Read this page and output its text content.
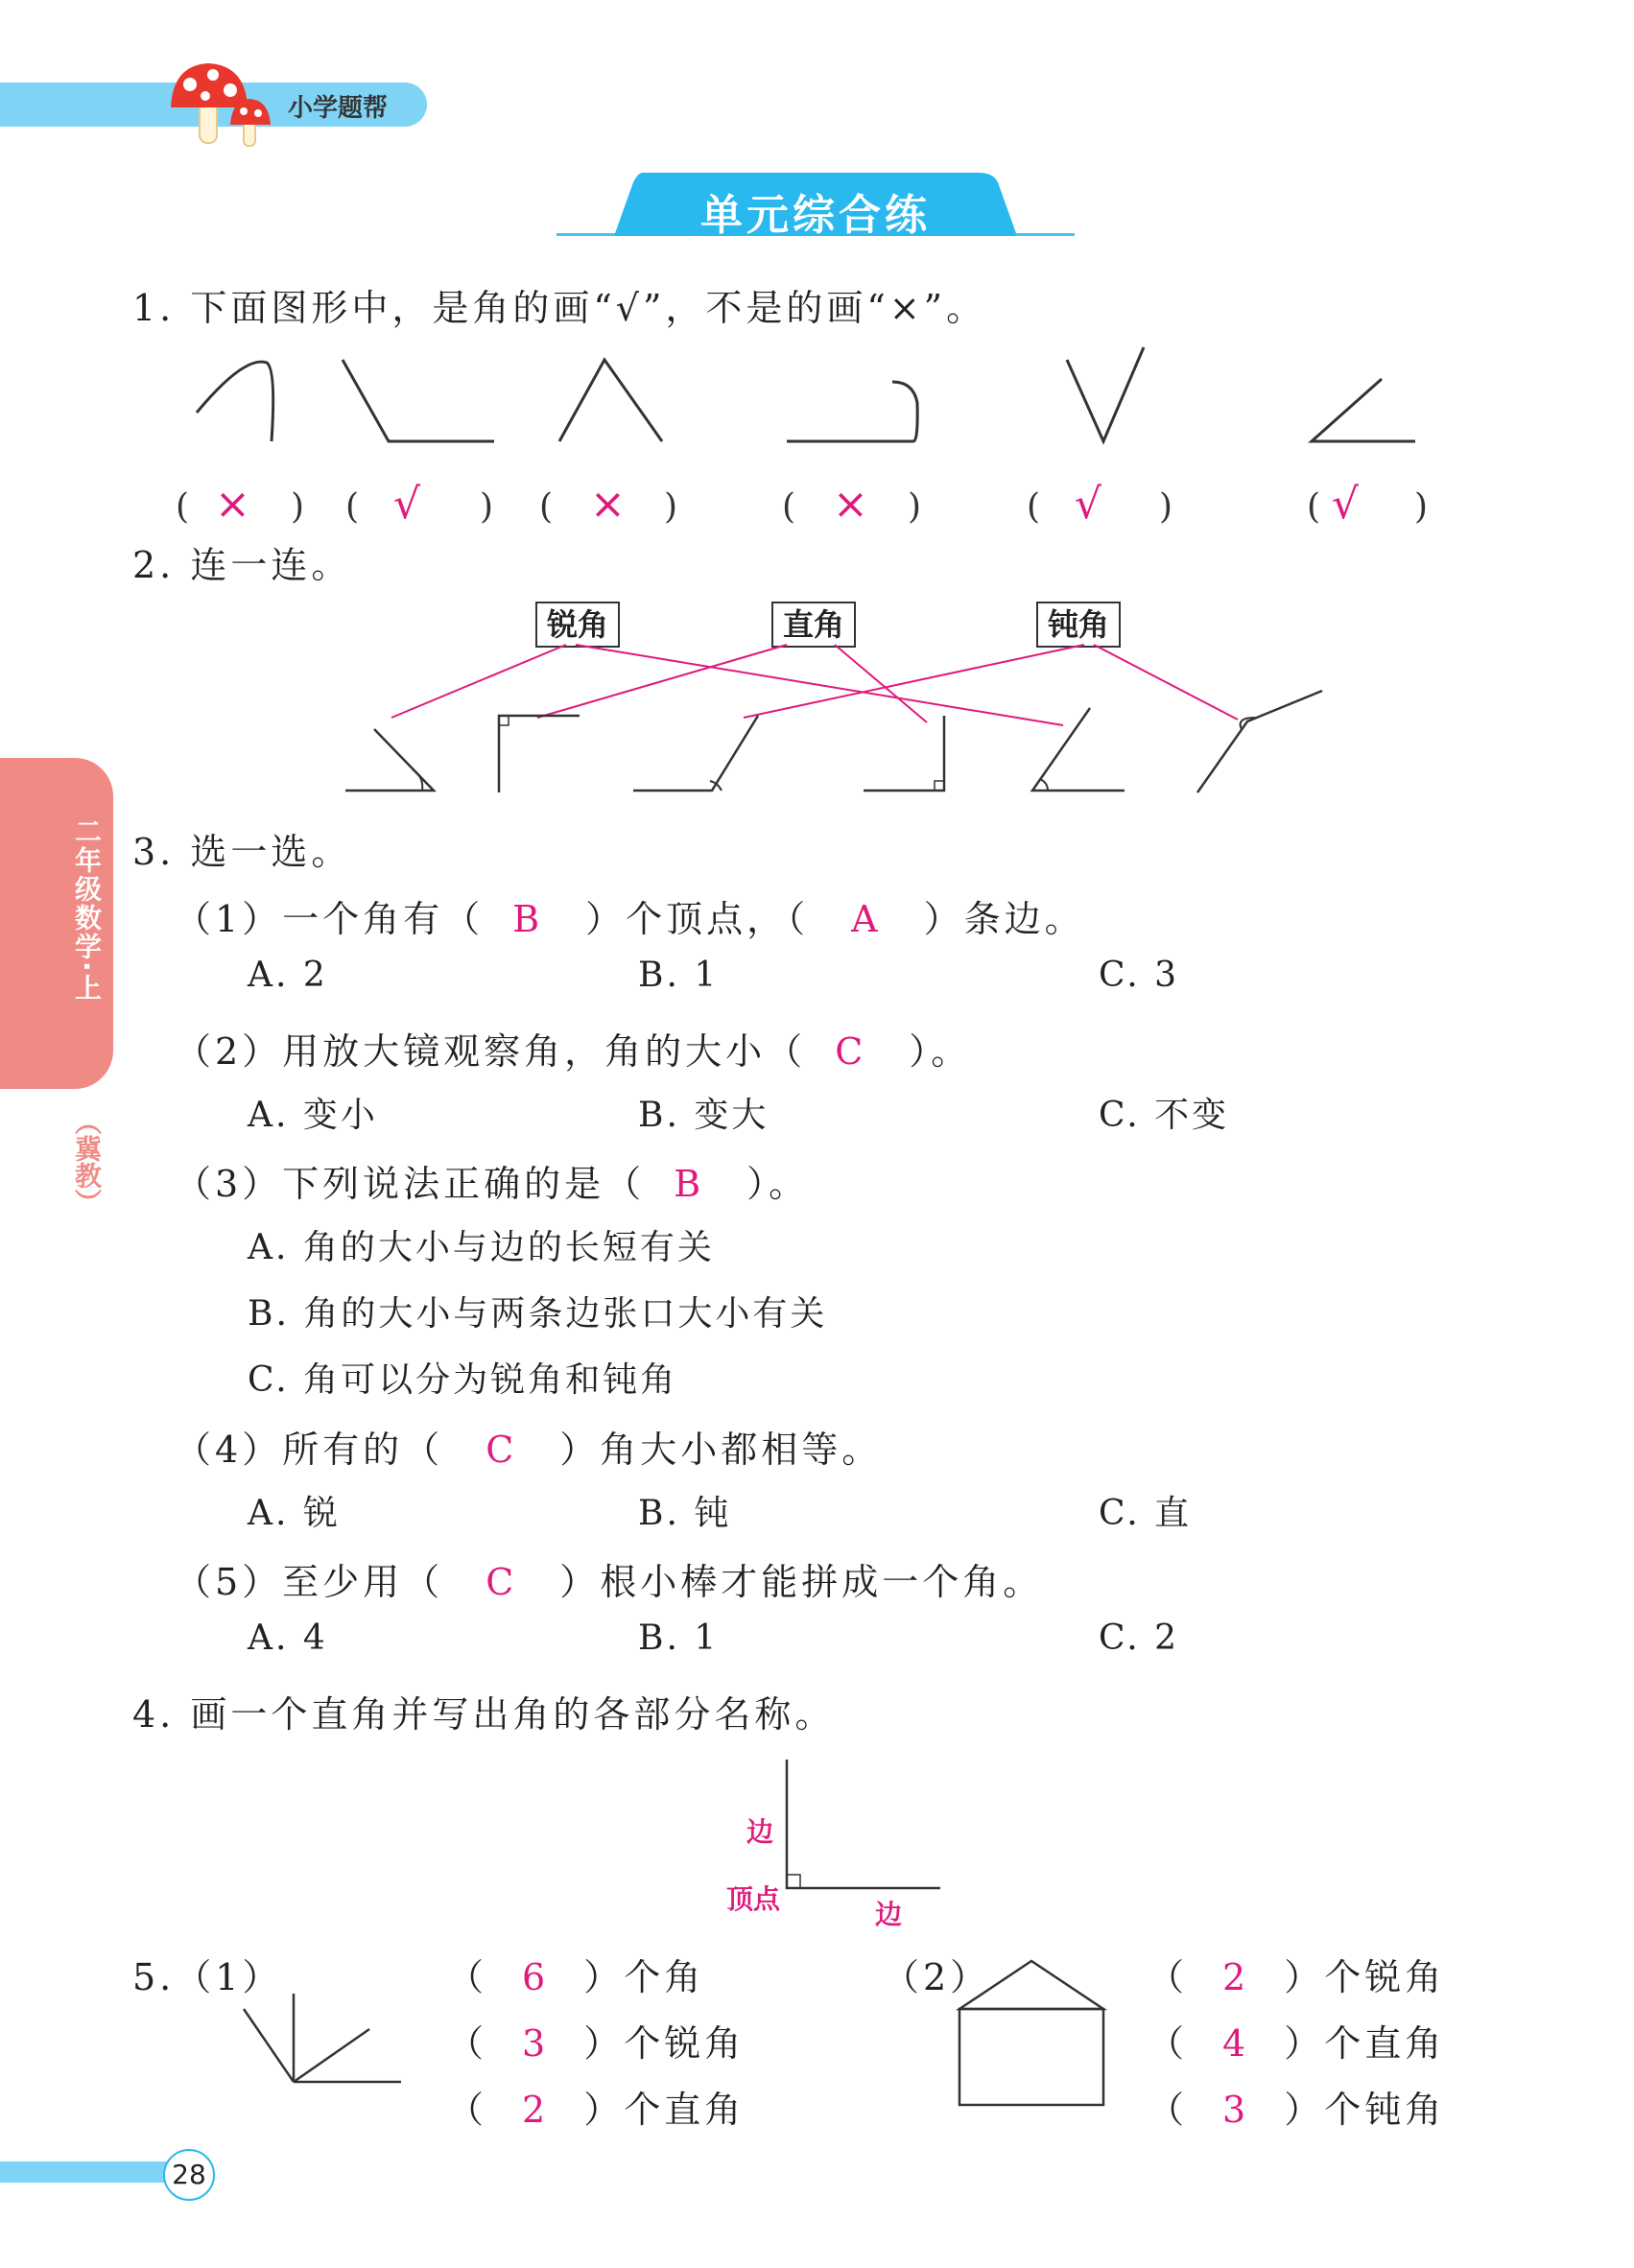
小学题帮
单元综合练
二年级数学·上
（冀教）
1. 下面图形中，是角的画“√”，不是的画“×”。
( × ) ( √ ) ( × )	( × )	( √ )	( √ )
2. 连一连。
锐角	直角	钝角
3. 选一选。
（1）一个角有（ B ）个顶点，（ A ）条边。
A. 2	B. 1	C. 3
（2）用放大镜观察角，角的大小（ C ）。
A. 变小	B. 变大	C. 不变
（3）下列说法正确的是（ B ）。
A. 角的大小与边的长短有关
B. 角的大小与两条边张口大小有关
C. 角可以分为锐角和钝角
（4）所有的（ C ）角大小都相等。
A. 锐	B. 钝	C. 直
（5）至少用（ C ）根小棒才能拼成一个角。
A. 4	B. 1	C. 2
4. 画一个直角并写出角的各部分名称。
边
顶点	边
5.（1）	（ 6 ）个角
（ 3 ）个锐角
（ 2 ）个直角
（2）	（ 2 ）个锐角
（ 4 ）个直角
（ 3 ）个钝角
28
